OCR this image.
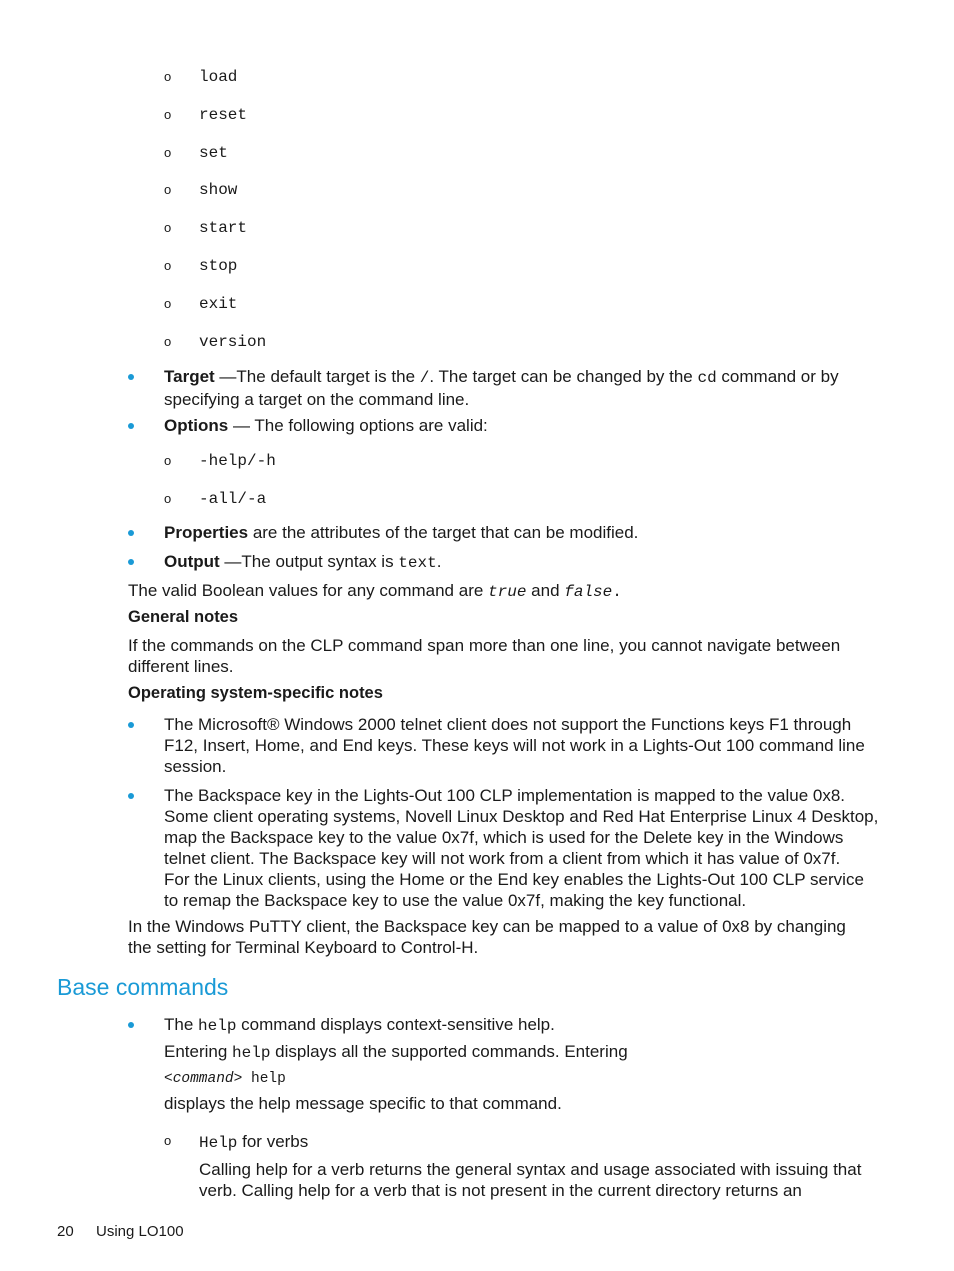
o load
o reset
o set
o show
o start
o stop
o exit
o version
Target —The default target is the /. The target can be changed by the cd command or by
specifying a target on the command line.
Options — The following options are valid:
o -help/-h
o -all/-a
Properties are the attributes of the target that can be modified.
Output —The output syntax is text.
The valid Boolean values for any command are true and false.
General notes
If the commands on the CLP command span more than one line, you cannot navigate between
different lines.
Operating system-specific notes
The Microsoft® Windows 2000 telnet client does not support the Functions keys F1 through
F12, Insert, Home, and End keys. These keys will not work in a Lights-Out 100 command line
session.
The Backspace key in the Lights-Out 100 CLP implementation is mapped to the value 0x8.
Some client operating systems, Novell Linux Desktop and Red Hat Enterprise Linux 4 Desktop,
map the Backspace key to the value 0x7f, which is used for the Delete key in the Windows
telnet client. The Backspace key will not work from a client from which it has value of 0x7f.
For the Linux clients, using the Home or the End key enables the Lights-Out 100 CLP service
to remap the Backspace key to use the value 0x7f, making the key functional.
In the Windows PuTTY client, the Backspace key can be mapped to a value of 0x8 by changing
the setting for Terminal Keyboard to Control-H.
Base commands
The help command displays context-sensitive help.
Entering help displays all the supported commands. Entering
<command> help
displays the help message specific to that command.
o Help for verbs
Calling help for a verb returns the general syntax and usage associated with issuing that
verb. Calling help for a verb that is not present in the current directory returns an
20 Using LO100
